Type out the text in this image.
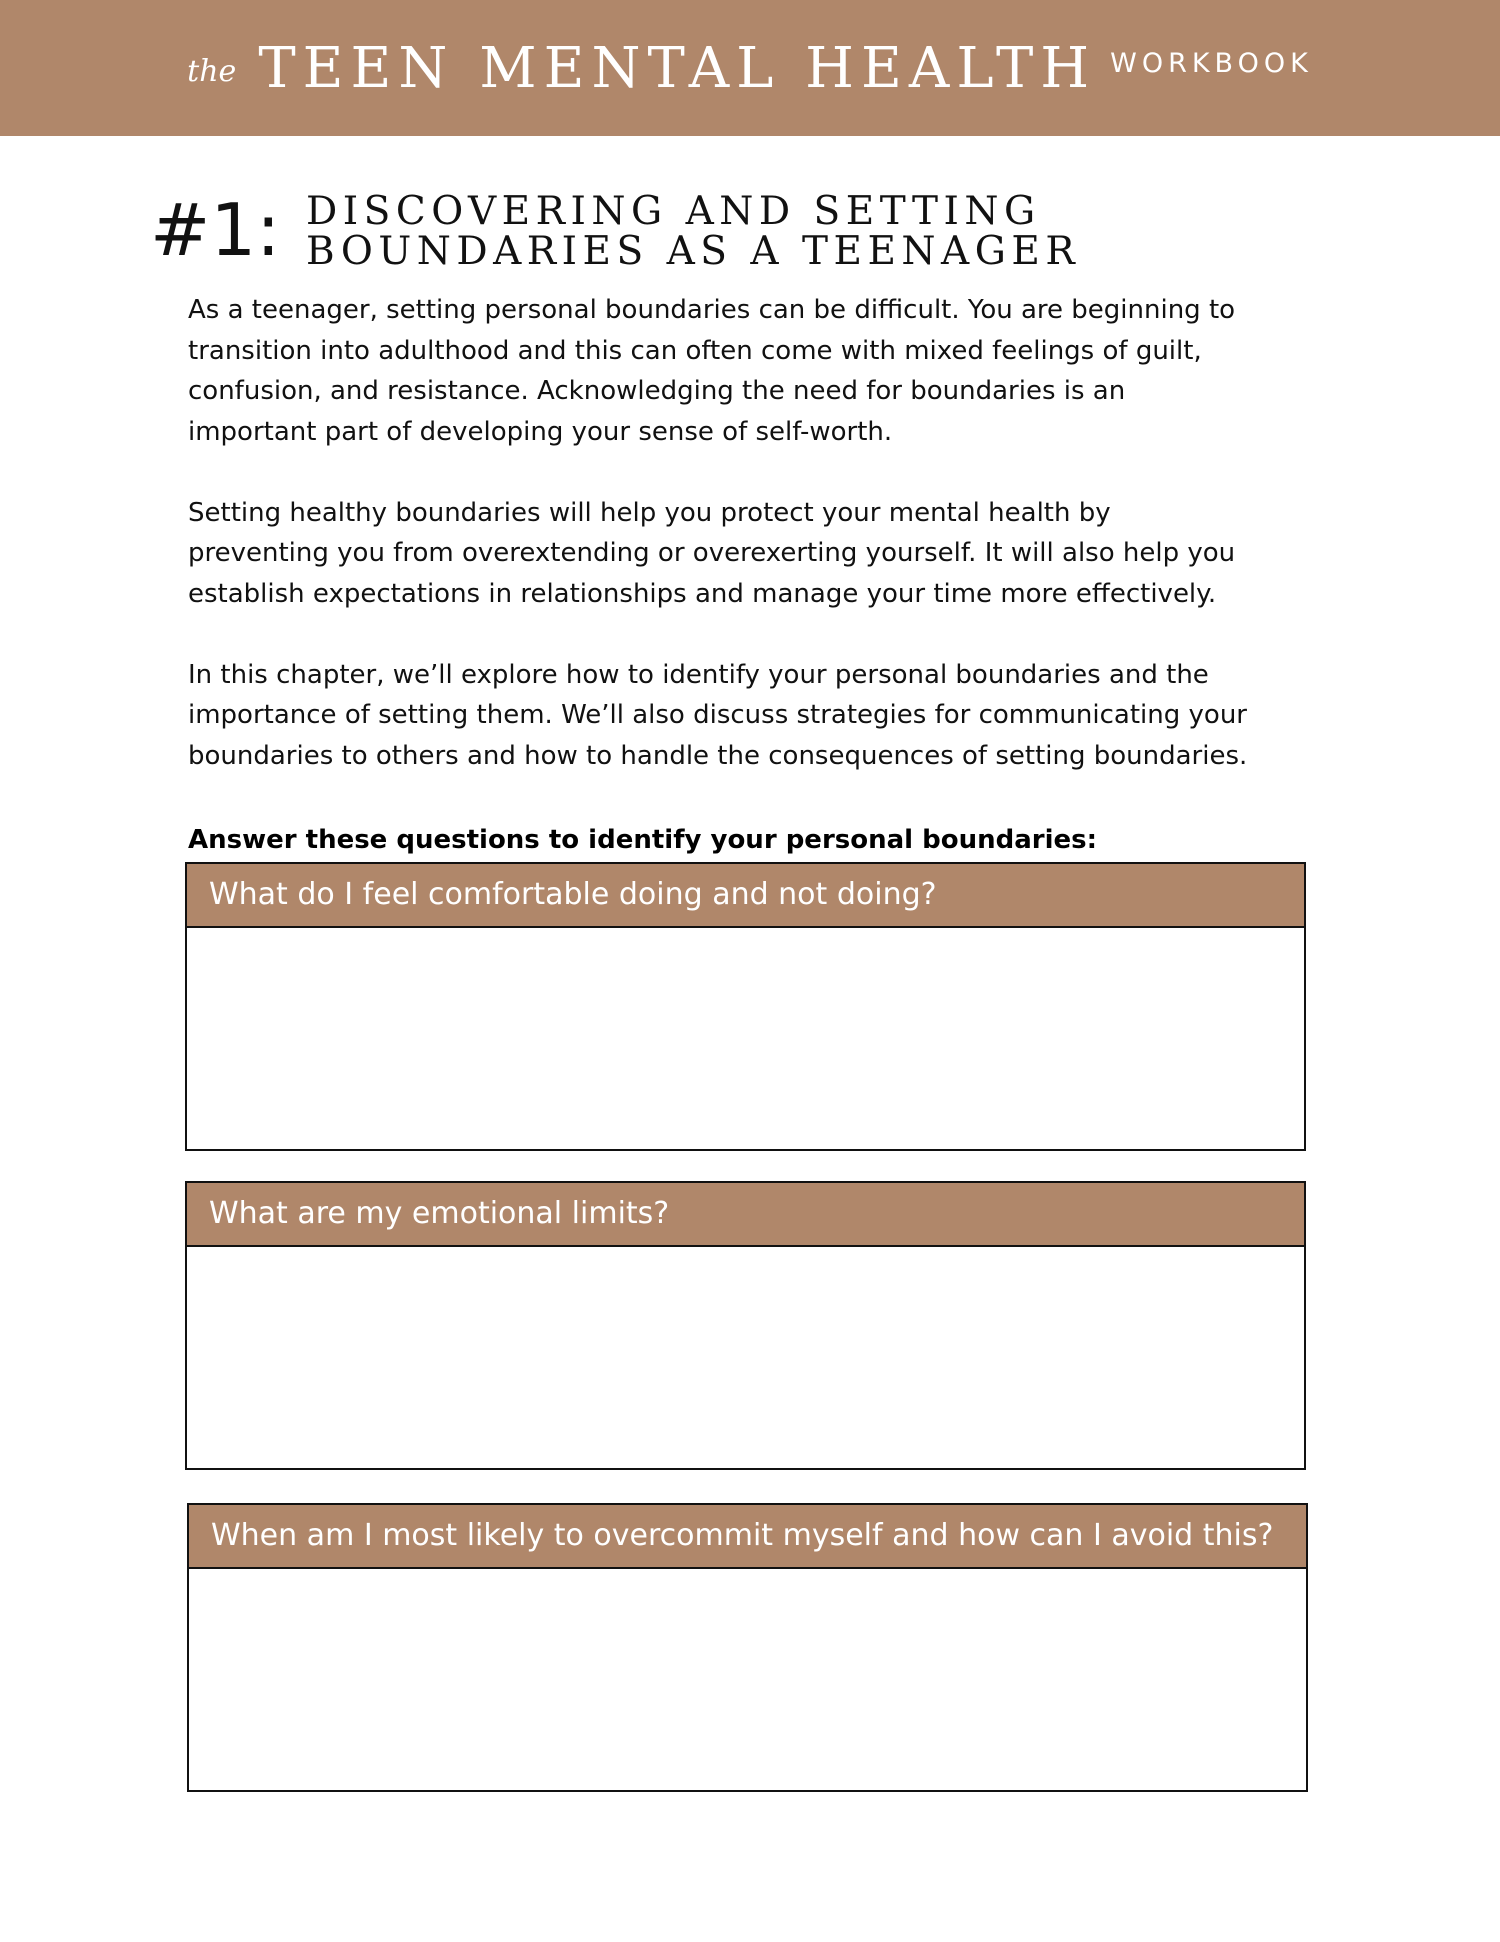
the TEEN MENTAL HEALTH WORKBOOK
#1: DISCOVERING AND SETTING
BOUNDARIES AS A TEENAGER

As a teenager, setting personal boundaries can be difficult. You are beginning to
transition into adulthood and this can often come with mixed feelings of guilt,
confusion, and resistance. Acknowledging the need for boundaries is an
important part of developing your sense of self-worth.

Setting healthy boundaries will help you protect your mental health by
preventing you from overextending or overexerting yourself. It will also help you
establish expectations in relationships and manage your time more effectively.

In this chapter, we’ll explore how to identify your personal boundaries and the
importance of setting them. We’ll also discuss strategies for communicating your
boundaries to others and how to handle the consequences of setting boundaries.

Answer these questions to identify your personal boundaries:
What do I feel comfortable doing and not doing?
What are my emotional limits?
When am I most likely to overcommit myself and how can I avoid this?
